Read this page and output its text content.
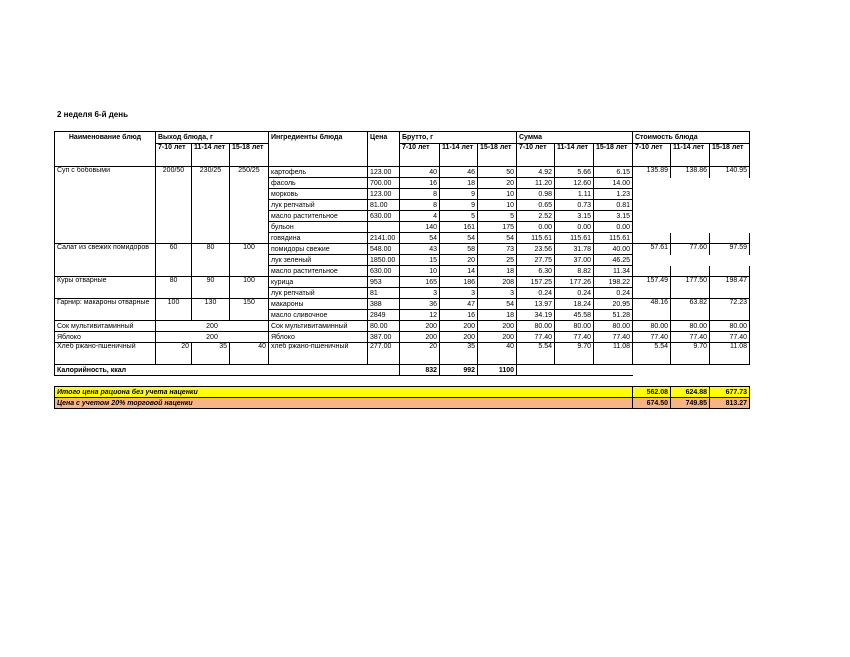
2 неделя 6-й день
Наименование блюд	Выход блюда, г			Ингредиенты блюда	Цена	Брутто, г			Сумма			Стоимость блюда		
	7-10 лет	11-14 лет	15-18 лет			7-10 лет	11-14 лет	15-18 лет	7-10 лет	11-14 лет	15-18 лет	7-10 лет	11-14 лет	15-18 лет
Суп с бобовыми	200/50	230/25	250/25	картофель	123.00	40	46	50	4.92	5.66	6.15	135.89	138.86	140.95
				фасоль	700.00	16	18	20	11.20	12.60	14.00			
				морковь	123.00	8	9	10	0.98	1.11	1.23			
				лук репчатый	81.00	8	9	10	0.65	0.73	0.81			
				масло растительное	630.00	4	5	5	2.52	3.15	3.15			
				бульон		140	161	175	0.00	0.00	0.00			
				говядина	2141.00	54	54	54	115.61	115.61	115.61			
Салат из свежих помидоров	60	80	100	помидоры свежие	548.00	43	58	73	23.56	31.78	40.00	57.61	77.60	97.59
				лук зеленый	1850.00	15	20	25	27.75	37.00	46.25			
				масло растительное	630.00	10	14	18	6.30	8.82	11.34			
Куры отварные	80	90	100	курица	953	165	186	208	157.25	177.26	198.22	157.49	177.50	198.47
				лук репчатый	81	3	3	3	0.24	0.24	0.24			
Гарнир: макароны отварные	100	130	150	макароны	388	36	47	54	13.97	18.24	20.95	48.16	63.82	72.23
				масло сливочное	2849	12	16	18	34.19	45.58	51.28			
Сок мультивитаминный	200			Сок мультивитаминный	80.00	200	200	200	80.00	80.00	80.00	80.00	80.00	80.00
Яблоко	200			Яблоко	387.00	200	200	200	77.40	77.40	77.40	77.40	77.40	77.40
Хлеб ржано-пшеничный	20	35	40	хлеб ржано-пшеничный	277.00	20	35	40	5.54	9.70	11.08	5.54	9.70	11.08
Калорийность, ккал						832	992	1100						

Итого цена рациона без учета наценки												562.08	624.88	677.73
Цена с учетом 20% торговой наценки												674.50	749.85	813.27
